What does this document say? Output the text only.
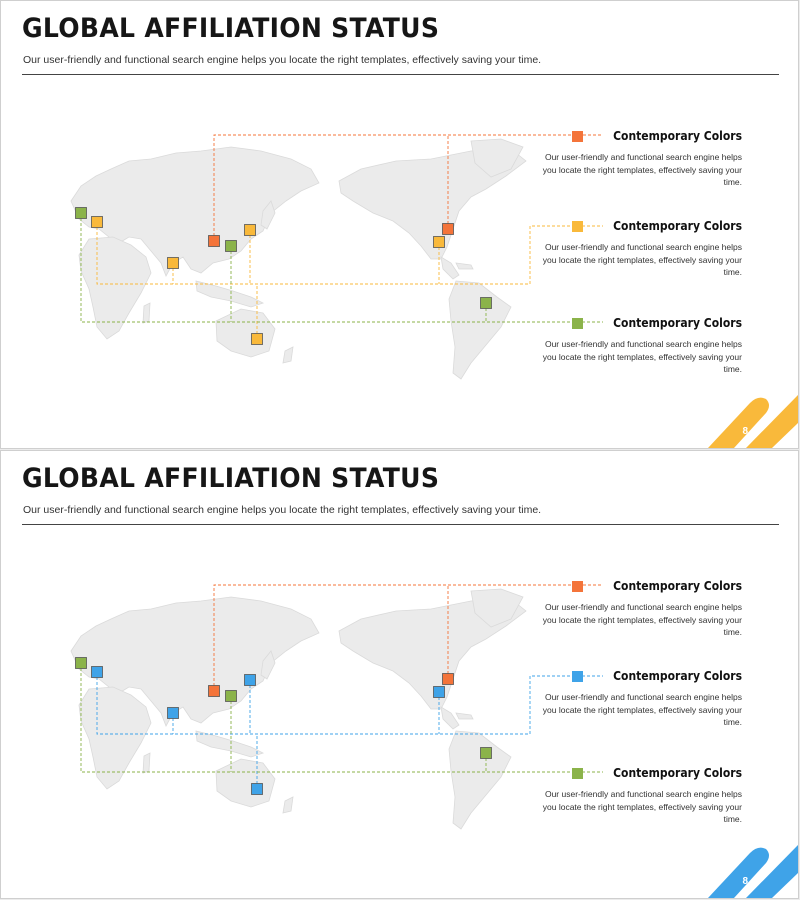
GLOBAL AFFILIATION STATUS
Our user-friendly and functional search engine helps you locate the right templates, effectively saving your time.
Contemporary Colors
Our user-friendly and functional search engine helps you locate the right templates, effectively saving your time.
Contemporary Colors
Our user-friendly and functional search engine helps you locate the right templates, effectively saving your time.
Contemporary Colors
Our user-friendly and functional search engine helps you locate the right templates, effectively saving your time.
8
GLOBAL AFFILIATION STATUS
Our user-friendly and functional search engine helps you locate the right templates, effectively saving your time.
Contemporary Colors
Our user-friendly and functional search engine helps you locate the right templates, effectively saving your time.
Contemporary Colors
Our user-friendly and functional search engine helps you locate the right templates, effectively saving your time.
Contemporary Colors
Our user-friendly and functional search engine helps you locate the right templates, effectively saving your time.
8
